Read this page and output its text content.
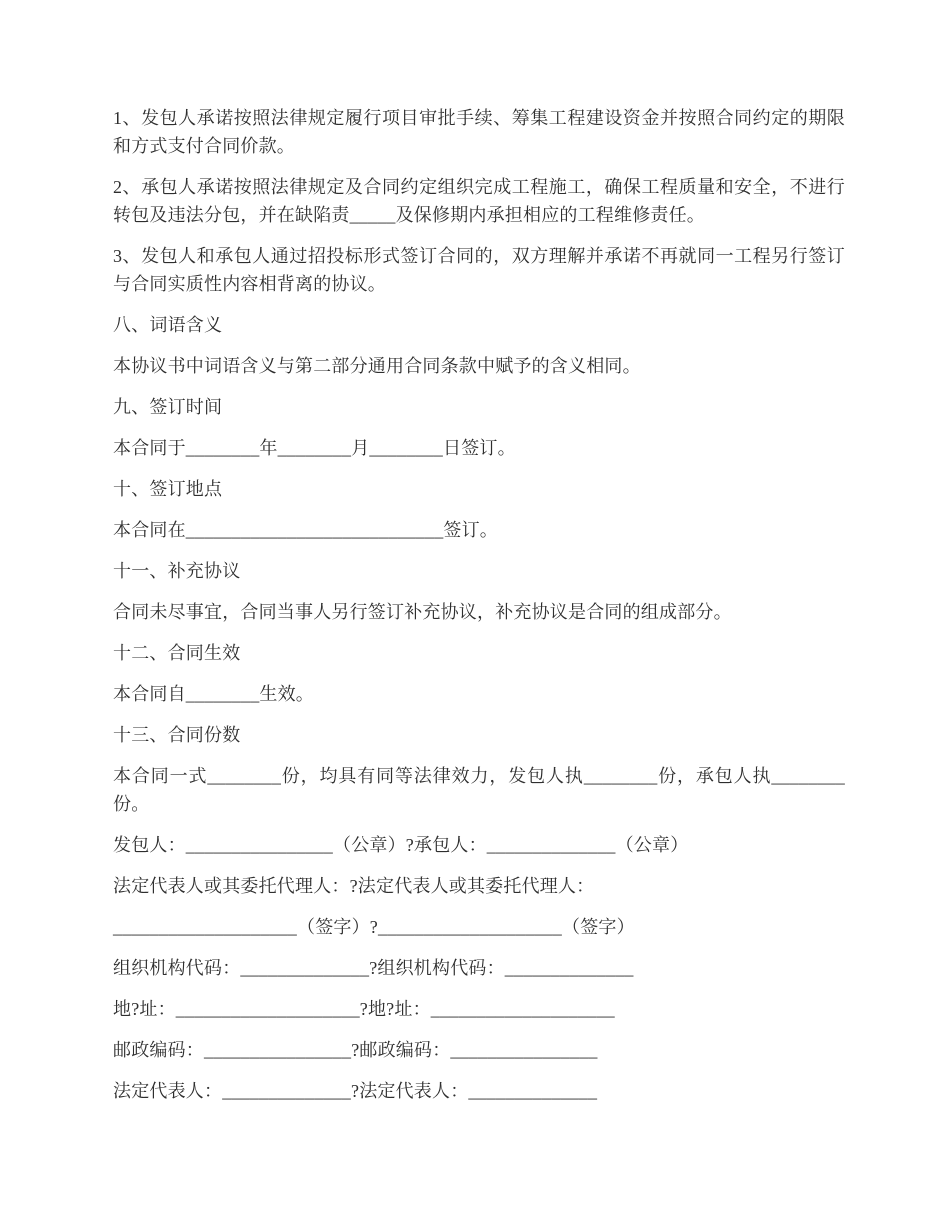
1、发包人承诺按照法律规定履行项目审批手续、筹集工程建设资金并按照合同约定的期限和方式支付合同价款。

2、承包人承诺按照法律规定及合同约定组织完成工程施工，确保工程质量和安全，不进行转包及违法分包，并在缺陷责_____及保修期内承担相应的工程维修责任。

3、发包人和承包人通过招投标形式签订合同的，双方理解并承诺不再就同一工程另行签订与合同实质性内容相背离的协议。

八、词语含义

本协议书中词语含义与第二部分通用合同条款中赋予的含义相同。

九、签订时间

本合同于________年________月________日签订。

十、签订地点

本合同在____________________________签订。

十一、补充协议

合同未尽事宜，合同当事人另行签订补充协议，补充协议是合同的组成部分。

十二、合同生效

本合同自________生效。

十三、合同份数

本合同一式________份，均具有同等法律效力，发包人执________份，承包人执________份。

发包人：________________（公章）?承包人：______________（公章）

法定代表人或其委托代理人：?法定代表人或其委托代理人：

____________________（签字）?____________________（签字）

组织机构代码：______________?组织机构代码：______________

地?址：____________________?地?址：____________________

邮政编码：________________?邮政编码：________________

法定代表人：______________?法定代表人：______________
